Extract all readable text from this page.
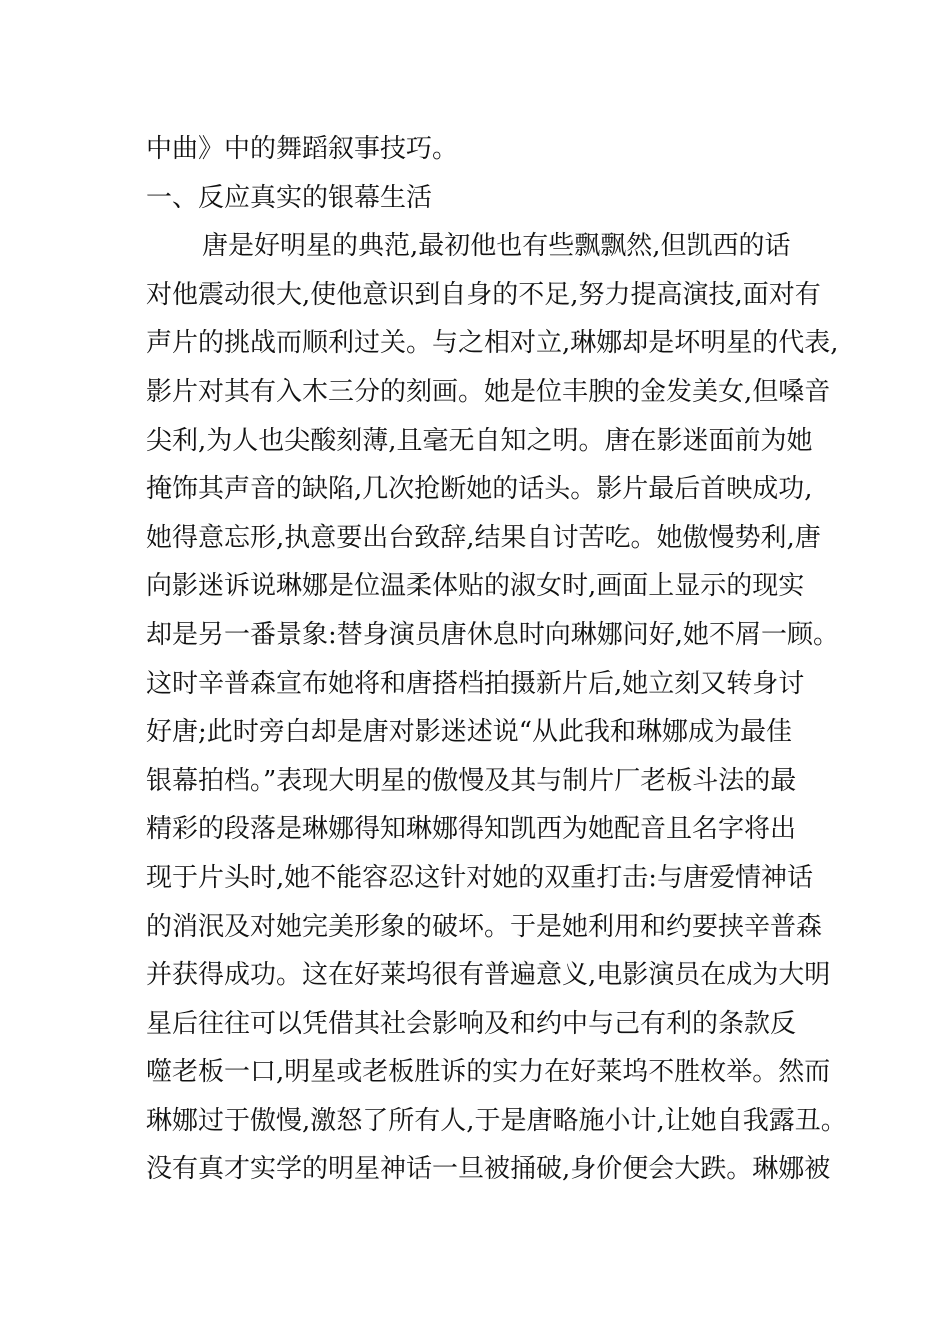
中曲》中的舞蹈叙事技巧。
一、反应真实的银幕生活
唐是好明星的典范,最初他也有些飘飘然,但凯西的话
对他震动很大,使他意识到自身的不足,努力提高演技,面对有
声片的挑战而顺利过关。与之相对立,琳娜却是坏明星的代表,
影片对其有入木三分的刻画。她是位丰腴的金发美女,但嗓音
尖利,为人也尖酸刻薄,且毫无自知之明。唐在影迷面前为她
掩饰其声音的缺陷,几次抢断她的话头。影片最后首映成功,
她得意忘形,执意要出台致辞,结果自讨苦吃。她傲慢势利,唐
向影迷诉说琳娜是位温柔体贴的淑女时,画面上显示的现实
却是另一番景象:替身演员唐休息时向琳娜问好,她不屑一顾。
这时辛普森宣布她将和唐搭档拍摄新片后,她立刻又转身讨
好唐;此时旁白却是唐对影迷述说“从此我和琳娜成为最佳
银幕拍档。”表现大明星的傲慢及其与制片厂老板斗法的最
精彩的段落是琳娜得知琳娜得知凯西为她配音且名字将出
现于片头时,她不能容忍这针对她的双重打击:与唐爱情神话
的消泯及对她完美形象的破坏。于是她利用和约要挟辛普森
并获得成功。这在好莱坞很有普遍意义,电影演员在成为大明
星后往往可以凭借其社会影响及和约中与己有利的条款反
噬老板一口,明星或老板胜诉的实力在好莱坞不胜枚举。然而
琳娜过于傲慢,激怒了所有人,于是唐略施小计,让她自我露丑。
没有真才实学的明星神话一旦被捅破,身价便会大跌。琳娜被
